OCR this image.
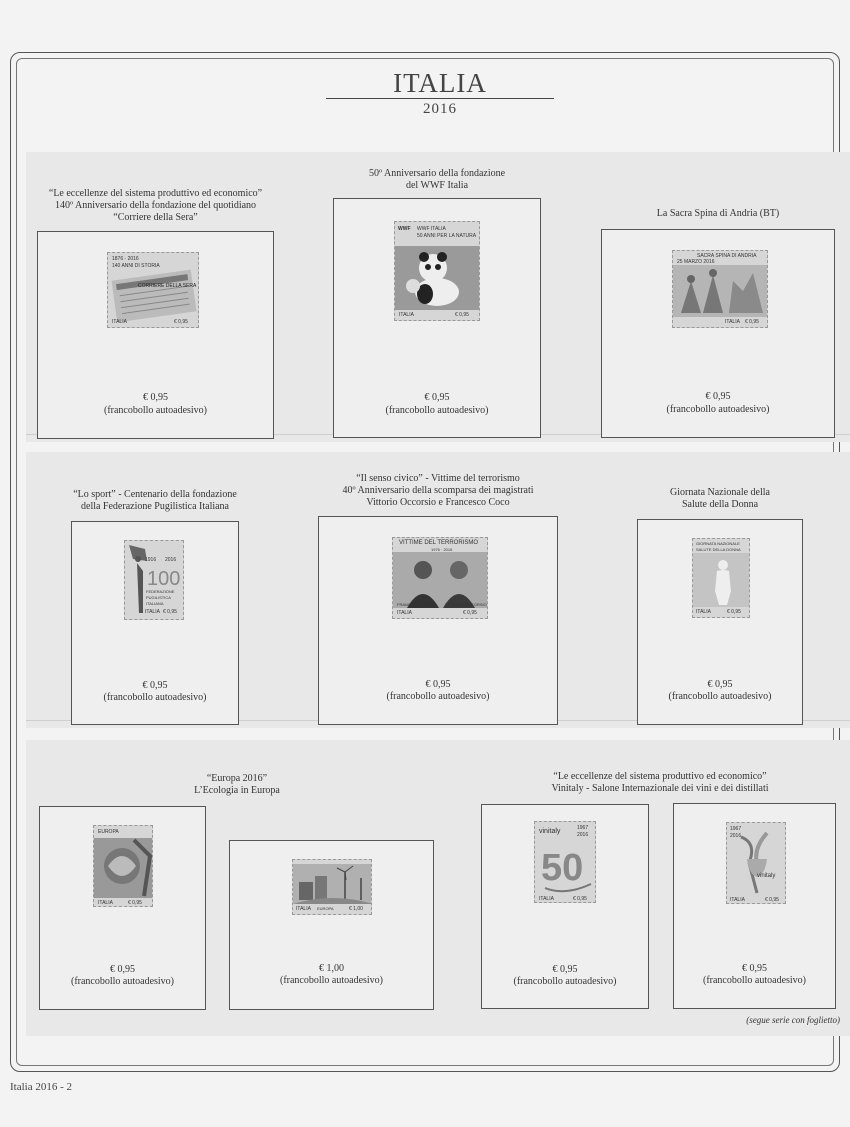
ITALIA
2016
“Le eccellenze del sistema produttivo ed economico”
140º Anniversario della fondazione del quotidiano
“Corriere della Sera”
1876 · 2016
140 ANNI DI STORIA
CORRIERE DELLA SERA
ITALIA	€ 0,95
€ 0,95
(francobollo autoadesivo)
50º Anniversario della fondazione
del WWF Italia
WWF WWF ITALIA
50 ANNI PER LA NATURA
ITALIA	€ 0,95
€ 0,95
(francobollo autoadesivo)
La Sacra Spina di Andria (BT)
SACRA SPINA DI ANDRIA
25 MARZO 2016
ITALIA € 0,95
€ 0,95
(francobollo autoadesivo)
“Lo sport” - Centenario della fondazione
della Federazione Pugilistica Italiana
100
1916 2016
FEDERAZIONE
PUGILISTICA
ITALIANA
ITALIA € 0,95
€ 0,95
(francobollo autoadesivo)
“Il senso civico” - Vittime del terrorismo
40º Anniversario della scomparsa dei magistrati
Vittorio Occorsio e Francesco Coco
VITTIME DEL TERRORISMO
1976 · 2016
FRANCESCO COCO VITTORIO OCCORSIO
ITALIA	€ 0,95
€ 0,95
(francobollo autoadesivo)
Giornata Nazionale della
Salute della Donna
GIORNATA NAZIONALE
SALUTE DELLA DONNA
ITALIA	€ 0,95
€ 0,95
(francobollo autoadesivo)
“Europa 2016”
L’Ecologia in Europa
“Le eccellenze del sistema produttivo ed economico”
Vinitaly - Salone Internazionale dei vini e dei distillati
EUROPA
ITALIA	€ 0,95
€ 0,95
(francobollo autoadesivo)
ITALIA EUROPA	€ 1,00
€ 1,00
(francobollo autoadesivo)
50
vinitaly	1967
2016
ITALIA	€ 0,95
€ 0,95
(francobollo autoadesivo)
1967
2016
vinitaly
ITALIA	€ 0,95
€ 0,95
(francobollo autoadesivo)
(segue serie con foglietto)
Italia 2016 - 2
